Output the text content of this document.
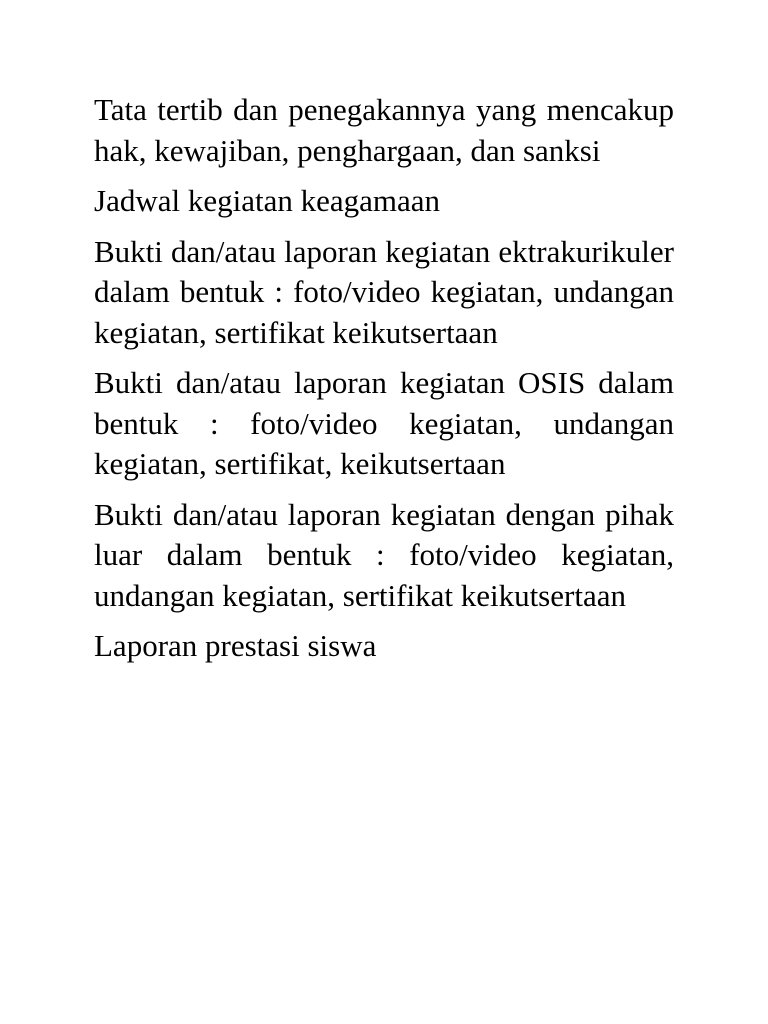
Tata tertib dan penegakannya yang mencakup hak, kewajiban, penghargaan, dan sanksi

Jadwal kegiatan keagamaan

Bukti dan/atau laporan kegiatan ektrakurikuler dalam bentuk : foto/video kegiatan, undangan kegiatan, sertifikat keikutsertaan

Bukti dan/atau laporan kegiatan OSIS dalam bentuk : foto/video kegiatan, undangan kegiatan, sertifikat, keikutsertaan

Bukti dan/atau laporan kegiatan dengan pihak luar dalam bentuk : foto/video kegiatan, undangan kegiatan, sertifikat keikutsertaan

Laporan prestasi siswa
